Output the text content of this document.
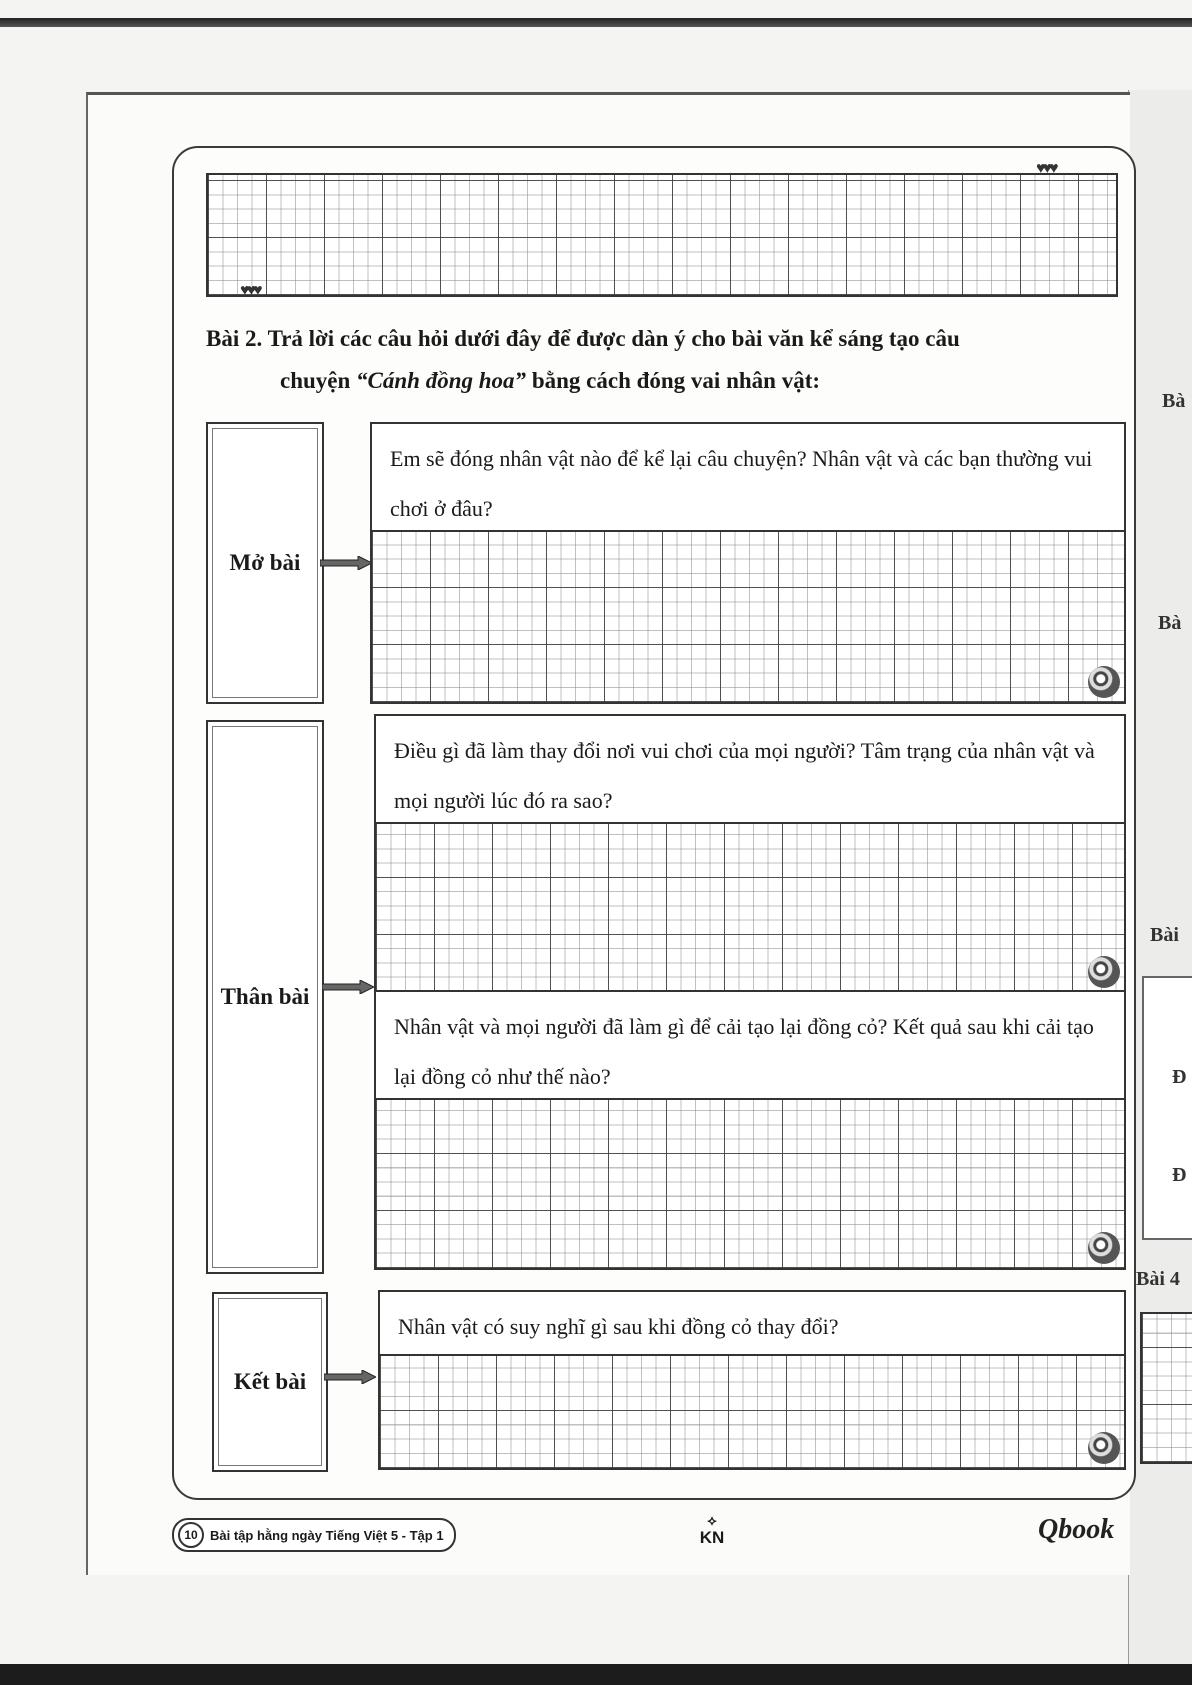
♥♥♥
♥♥♥
Bài 2. Trả lời các câu hỏi dưới đây để được dàn ý cho bài văn kể sáng tạo câu
chuyện “Cánh đồng hoa” bằng cách đóng vai nhân vật:
Mở bài
Em sẽ đóng nhân vật nào để kể lại câu chuyện? Nhân vật và các bạn thường vui chơi ở đâu?
Thân bài
Điều gì đã làm thay đổi nơi vui chơi của mọi người? Tâm trạng của nhân vật và mọi người lúc đó ra sao?
Nhân vật và mọi người đã làm gì để cải tạo lại đồng cỏ? Kết quả sau khi cải tạo lại đồng cỏ như thế nào?
Kết bài
Nhân vật có suy nghĩ gì sau khi đồng cỏ thay đổi?
10 Bài tập hằng ngày Tiếng Việt 5 - Tập 1
⟡
KN	Qbook
Bà
Bà
Bài
Đ
Đ
Bài 4
